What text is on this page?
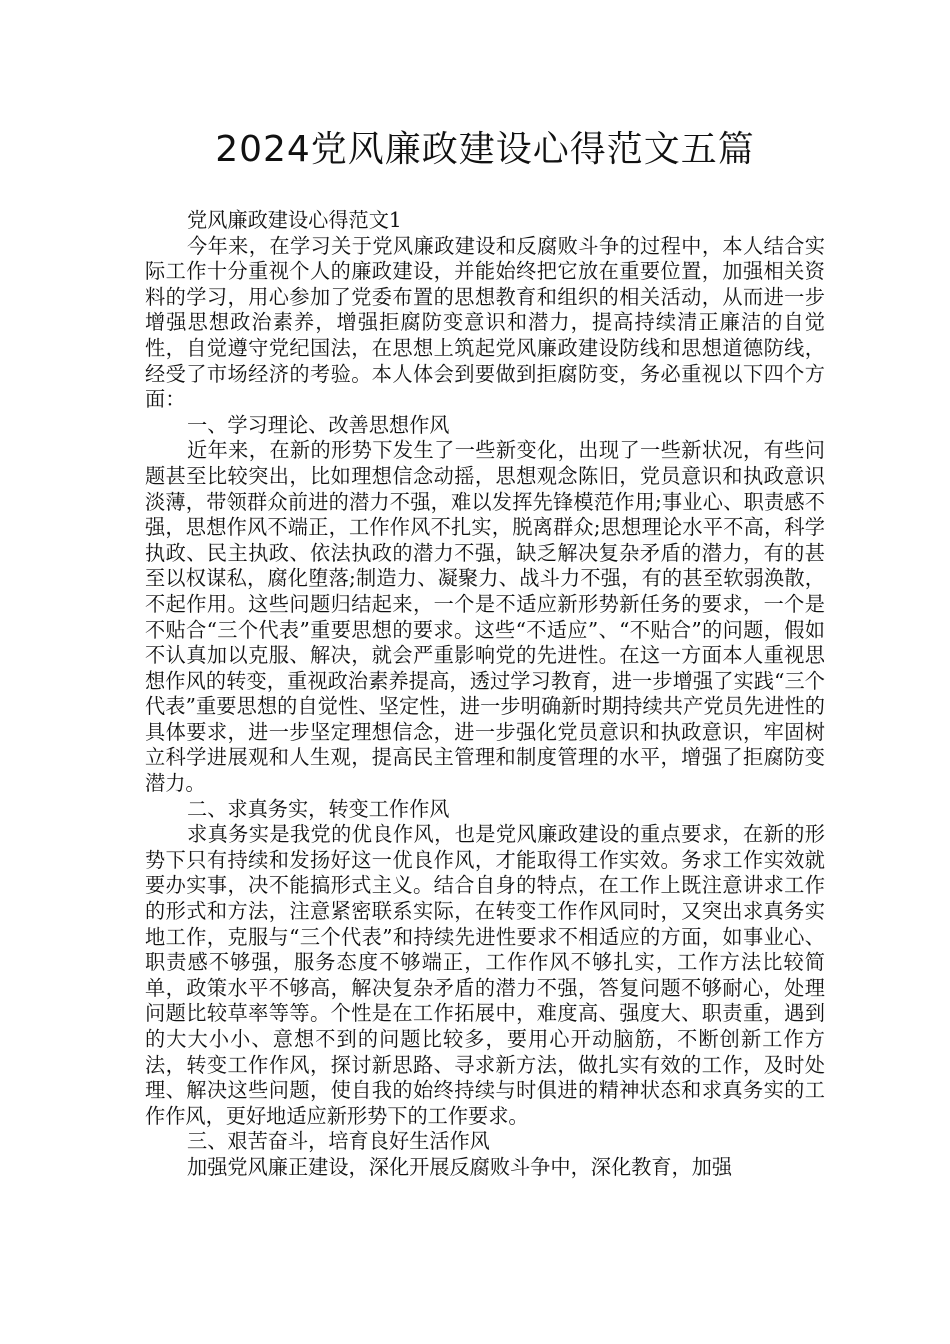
2024党风廉政建设心得范文五篇

党风廉政建设心得范文1

今年来，在学习关于党风廉政建设和反腐败斗争的过程中，本人结合实际工作十分重视个人的廉政建设，并能始终把它放在重要位置，加强相关资料的学习，用心参加了党委布置的思想教育和组织的相关活动，从而进一步增强思想政治素养，增强拒腐防变意识和潜力，提高持续清正廉洁的自觉性，自觉遵守党纪国法，在思想上筑起党风廉政建设防线和思想道德防线，经受了市场经济的考验。本人体会到要做到拒腐防变，务必重视以下四个方面：

一、学习理论、改善思想作风

近年来，在新的形势下发生了一些新变化，出现了一些新状况，有些问题甚至比较突出，比如理想信念动摇，思想观念陈旧，党员意识和执政意识淡薄，带领群众前进的潜力不强，难以发挥先锋模范作用;事业心、职责感不强，思想作风不端正，工作作风不扎实，脱离群众;思想理论水平不高，科学执政、民主执政、依法执政的潜力不强，缺乏解决复杂矛盾的潜力，有的甚至以权谋私，腐化堕落;制造力、凝聚力、战斗力不强，有的甚至软弱涣散，不起作用。这些问题归结起来，一个是不适应新形势新任务的要求，一个是不贴合“三个代表”重要思想的要求。这些“不适应”、“不贴合”的问题，假如不认真加以克服、解决，就会严重影响党的先进性。在这一方面本人重视思想作风的转变，重视政治素养提高，透过学习教育，进一步增强了实践“三个代表”重要思想的自觉性、坚定性，进一步明确新时期持续共产党员先进性的具体要求，进一步坚定理想信念，进一步强化党员意识和执政意识，牢固树立科学进展观和人生观，提高民主管理和制度管理的水平，增强了拒腐防变潜力。

二、求真务实，转变工作作风

求真务实是我党的优良作风，也是党风廉政建设的重点要求，在新的形势下只有持续和发扬好这一优良作风，才能取得工作实效。务求工作实效就要办实事，决不能搞形式主义。结合自身的特点，在工作上既注意讲求工作的形式和方法，注意紧密联系实际，在转变工作作风同时，又突出求真务实地工作，克服与“三个代表”和持续先进性要求不相适应的方面，如事业心、职责感不够强，服务态度不够端正，工作作风不够扎实，工作方法比较简单，政策水平不够高，解决复杂矛盾的潜力不强，答复问题不够耐心，处理问题比较草率等等。个性是在工作拓展中，难度高、强度大、职责重，遇到的大大小小、意想不到的问题比较多，要用心开动脑筋，不断创新工作方法，转变工作作风，探讨新思路、寻求新方法，做扎实有效的工作，及时处理、解决这些问题，使自我的始终持续与时俱进的精神状态和求真务实的工作作风，更好地适应新形势下的工作要求。

三、艰苦奋斗，培育良好生活作风

加强党风廉正建设，深化开展反腐败斗争中，深化教育，加强
